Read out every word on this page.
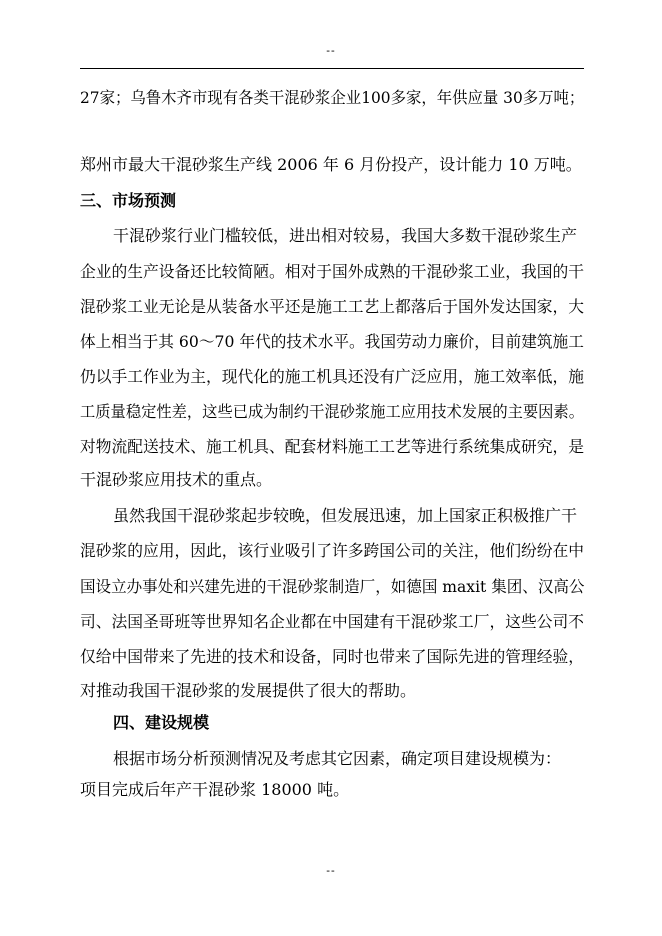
--
27家；乌鲁木齐市现有各类干混砂浆企业100多家，年供应量 30多万吨；
郑州市最大干混砂浆生产线 2006 年 6 月份投产，设计能力 10 万吨。
三、市场预测
干混砂浆行业门槛较低，进出相对较易，我国大多数干混砂浆生产
企业的生产设备还比较简陋。相对于国外成熟的干混砂浆工业，我国的干
混砂浆工业无论是从装备水平还是施工工艺上都落后于国外发达国家，大
体上相当于其 60～70 年代的技术水平。我国劳动力廉价，目前建筑施工
仍以手工作业为主，现代化的施工机具还没有广泛应用，施工效率低，施
工质量稳定性差，这些已成为制约干混砂浆施工应用技术发展的主要因素。
对物流配送技术、施工机具、配套材料施工工艺等进行系统集成研究，是
干混砂浆应用技术的重点。
虽然我国干混砂浆起步较晚，但发展迅速，加上国家正积极推广干
混砂浆的应用，因此，该行业吸引了许多跨国公司的关注，他们纷纷在中
国设立办事处和兴建先进的干混砂浆制造厂，如德国 maxit 集团、汉高公
司、法国圣哥班等世界知名企业都在中国建有干混砂浆工厂，这些公司不
仅给中国带来了先进的技术和设备，同时也带来了国际先进的管理经验，
对推动我国干混砂浆的发展提供了很大的帮助。
四、建设规模
根据市场分析预测情况及考虑其它因素，确定项目建设规模为：
项目完成后年产干混砂浆 18000 吨。
--
